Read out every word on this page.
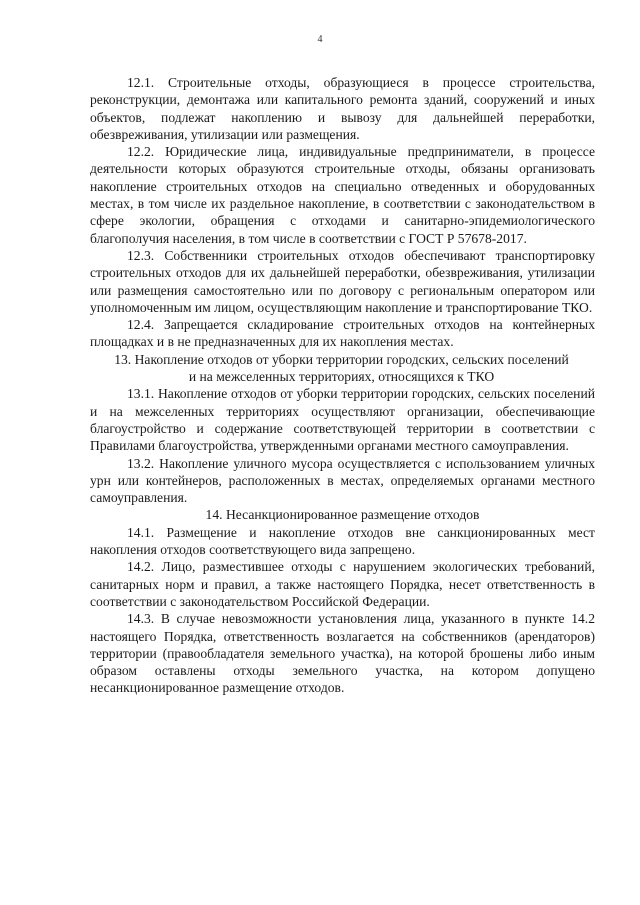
4

12.1. Строительные отходы, образующиеся в процессе строительства, реконструкции, демонтажа или капитального ремонта зданий, сооружений и иных объектов, подлежат накоплению и вывозу для дальнейшей переработки, обезвреживания, утилизации или размещения.

12.2. Юридические лица, индивидуальные предприниматели, в процессе деятельности которых образуются строительные отходы, обязаны организовать накопление строительных отходов на специально отведенных и оборудованных местах, в том числе их раздельное накопление, в соответствии с законодательством в сфере экологии, обращения с отходами и санитарно-эпидемиологического благополучия населения, в том числе в соответствии с ГОСТ Р 57678-2017.

12.3. Собственники строительных отходов обеспечивают транспортировку строительных отходов для их дальнейшей переработки, обезвреживания, утилизации или размещения самостоятельно или по договору с региональным оператором или уполномоченным им лицом, осуществляющим накопление и транспортирование ТКО.

12.4. Запрещается складирование строительных отходов на контейнерных площадках и в не предназначенных для их накопления местах.

13. Накопление отходов от уборки территории городских, сельских поселений и на межселенных территориях, относящихся к ТКО

13.1. Накопление отходов от уборки территории городских, сельских поселений и на межселенных территориях осуществляют организации, обеспечивающие благоустройство и содержание соответствующей территории в соответствии с Правилами благоустройства, утвержденными органами местного самоуправления.

13.2. Накопление уличного мусора осуществляется с использованием уличных урн или контейнеров, расположенных в местах, определяемых органами местного самоуправления.

14. Несанкционированное размещение отходов

14.1. Размещение и накопление отходов вне санкционированных мест накопления отходов соответствующего вида запрещено.

14.2. Лицо, разместившее отходы с нарушением экологических требований, санитарных норм и правил, а также настоящего Порядка, несет ответственность в соответствии с законодательством Российской Федерации.

14.3. В случае невозможности установления лица, указанного в пункте 14.2 настоящего Порядка, ответственность возлагается на собственников (арендаторов) территории (правообладателя земельного участка), на которой брошены либо иным образом оставлены отходы земельного участка, на котором допущено несанкционированное размещение отходов.
